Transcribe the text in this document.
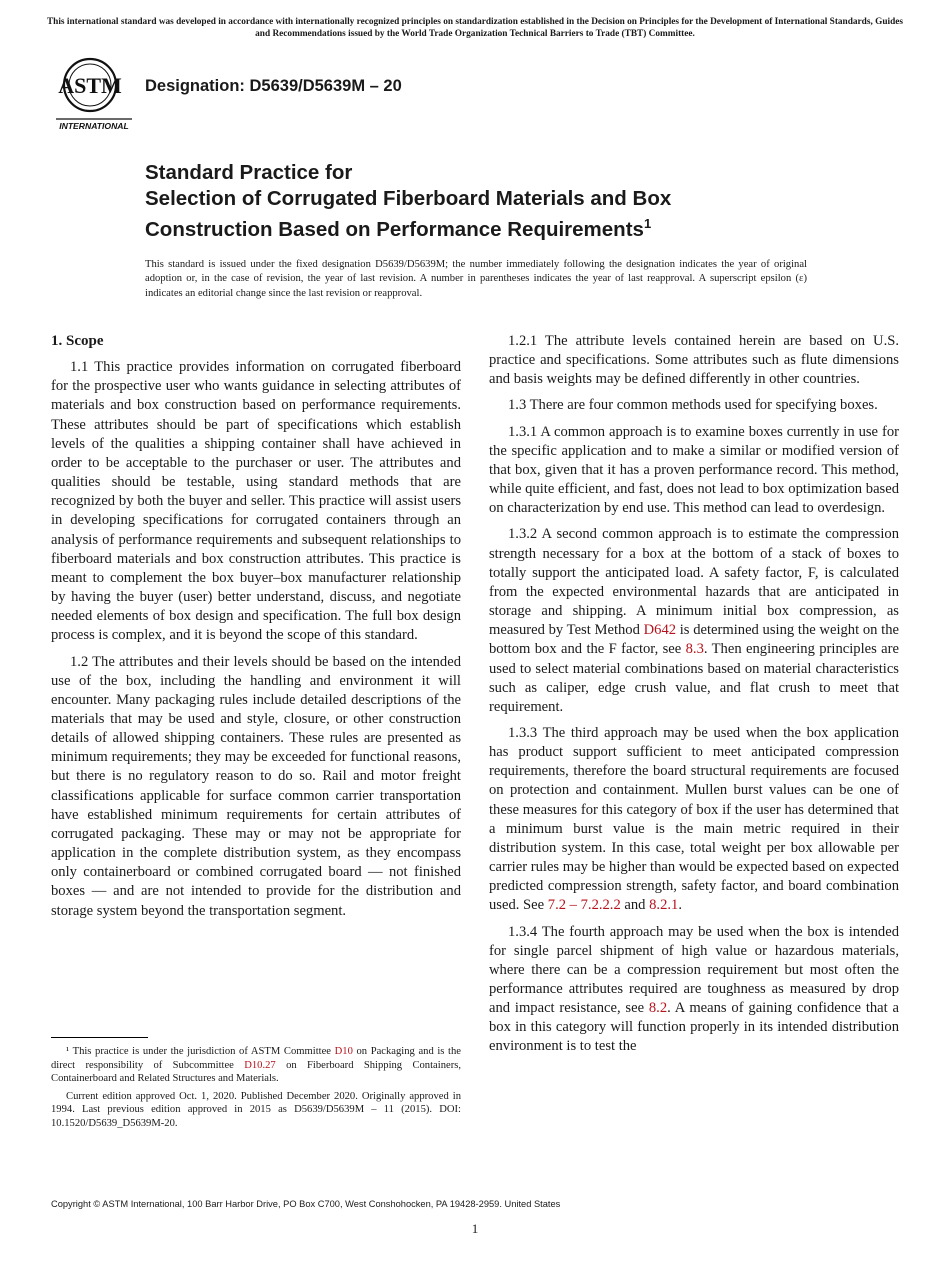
This international standard was developed in accordance with internationally recognized principles on standardization established in the Decision on Principles for the Development of International Standards, Guides and Recommendations issued by the World Trade Organization Technical Barriers to Trade (TBT) Committee.
ASTM
INTERNATIONAL
Designation: D5639/D5639M – 20
Standard Practice for
Selection of Corrugated Fiberboard Materials and Box
Construction Based on Performance Requirements$^1$
This standard is issued under the fixed designation D5639/D5639M; the number immediately following the designation indicates the year of original adoption or, in the case of revision, the year of last revision. A number in parentheses indicates the year of last reapproval. A superscript epsilon (ε) indicates an editorial change since the last revision or reapproval.

1. Scope

1.1 This practice provides information on corrugated fiberboard for the prospective user who wants guidance in selecting attributes of materials and box construction based on performance requirements. These attributes should be part of specifications which establish levels of the qualities a shipping container shall have achieved in order to be acceptable to the purchaser or user. The attributes and qualities should be testable, using standard methods that are recognized by both the buyer and seller. This practice will assist users in developing specifications for corrugated containers through an analysis of performance requirements and subsequent relationships to fiberboard materials and box construction attributes. This practice is meant to complement the box buyer–box manufacturer relationship by having the buyer (user) better understand, discuss, and negotiate needed elements of box design and specification. The full box design process is complex, and it is beyond the scope of this standard.

1.2 The attributes and their levels should be based on the intended use of the box, including the handling and environment it will encounter. Many packaging rules include detailed descriptions of the materials that may be used and style, closure, or other construction details of allowed shipping containers. These rules are presented as minimum requirements; they may be exceeded for functional reasons, but there is no regulatory reason to do so. Rail and motor freight classifications applicable for surface common carrier transportation have established minimum requirements for certain attributes of corrugated packaging. These may or may not be appropriate for application in the complete distribution system, as they encompass only containerboard or combined corrugated board — not finished boxes — and are not intended to provide for the distribution and storage system beyond the transportation segment.

¹ This practice is under the jurisdiction of ASTM Committee D10 on Packaging and is the direct responsibility of Subcommittee D10.27 on Fiberboard Shipping Containers, Containerboard and Related Structures and Materials.

Current edition approved Oct. 1, 2020. Published December 2020. Originally approved in 1994. Last previous edition approved in 2015 as D5639/D5639M – 11 (2015). DOI: 10.1520/D5639_D5639M-20.

1.2.1 The attribute levels contained herein are based on U.S. practice and specifications. Some attributes such as flute dimensions and basis weights may be defined differently in other countries.

1.3 There are four common methods used for specifying boxes.

1.3.1 A common approach is to examine boxes currently in use for the specific application and to make a similar or modified version of that box, given that it has a proven performance record. This method, while quite efficient, and fast, does not lead to box optimization based on characterization by end use. This method can lead to overdesign.

1.3.2 A second common approach is to estimate the compression strength necessary for a box at the bottom of a stack of boxes to totally support the anticipated load. A safety factor, F, is calculated from the expected environmental hazards that are anticipated in storage and shipping. A minimum initial box compression, as measured by Test Method D642 is determined using the weight on the bottom box and the F factor, see 8.3. Then engineering principles are used to select material combinations based on material characteristics such as caliper, edge crush value, and flat crush to meet that requirement.

1.3.3 The third approach may be used when the box application has product support sufficient to meet anticipated compression requirements, therefore the board structural requirements are focused on protection and containment. Mullen burst values can be one of these measures for this category of box if the user has determined that a minimum burst value is the main metric required in their distribution system. In this case, total weight per box allowable per carrier rules may be higher than would be expected based on expected predicted compression strength, safety factor, and board combination used. See 7.2 – 7.2.2.2 and 8.2.1.

1.3.4 The fourth approach may be used when the box is intended for single parcel shipment of high value or hazardous materials, where there can be a compression requirement but most often the performance attributes required are toughness as measured by drop and impact resistance, see 8.2. A means of gaining confidence that a box in this category will function properly in its intended distribution environment is to test the

Copyright © ASTM International, 100 Barr Harbor Drive, PO Box C700, West Conshohocken, PA 19428-2959. United States
1
